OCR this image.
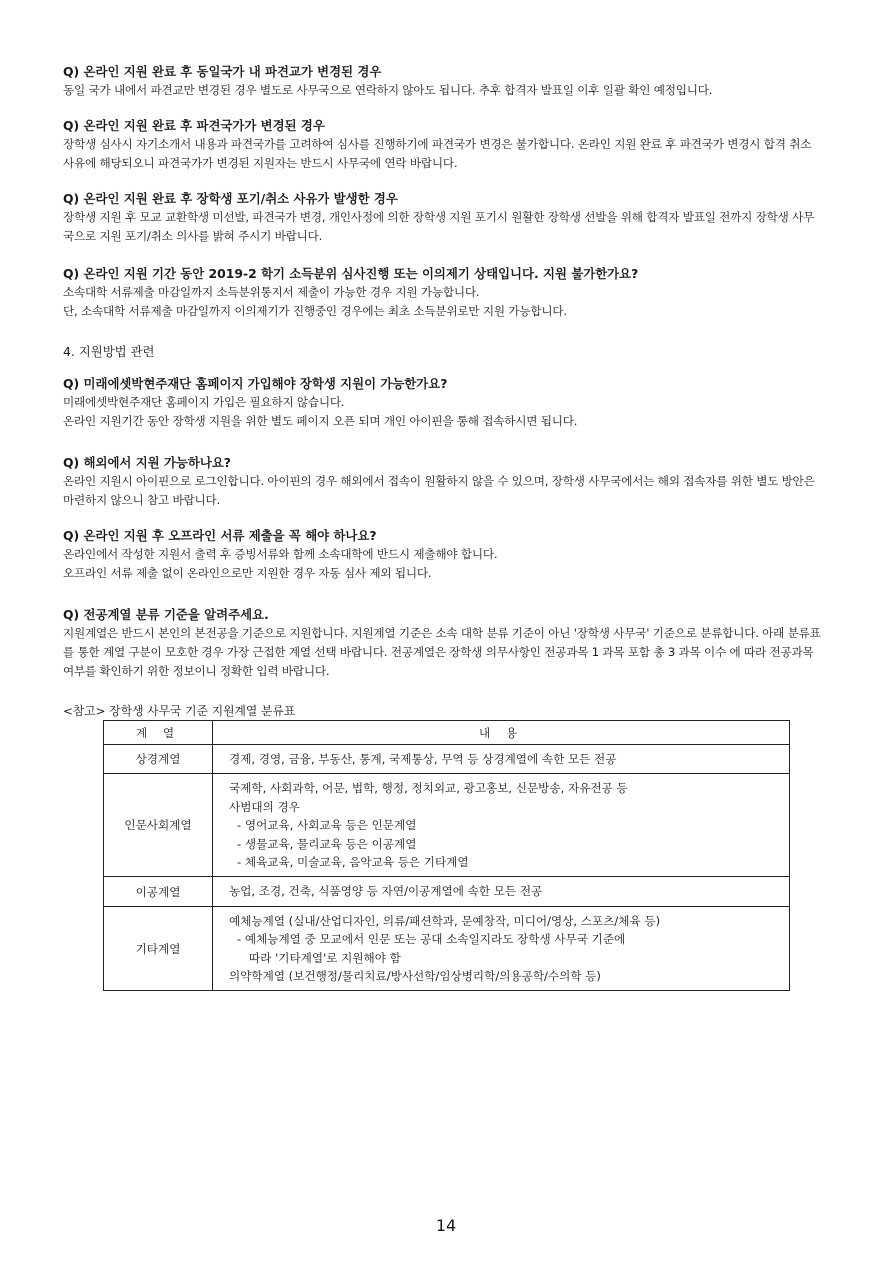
Q) 온라인 지원 완료 후 동일국가 내 파견교가 변경된 경우

동일 국가 내에서 파견교만 변경된 경우 별도로 사무국으로 연락하지 않아도 됩니다. 추후 합격자 발표일 이후 일괄 확인 예정입니다.

Q) 온라인 지원 완료 후 파견국가가 변경된 경우

장학생 심사시 자기소개서 내용과 파견국가를 고려하여 심사를 진행하기에 파견국가 변경은 불가합니다. 온라인 지원 완료 후 파견국가 변경시 합격 취소 사유에 해당되오니 파견국가가 변경된 지원자는 반드시 사무국에 연락 바랍니다.

Q) 온라인 지원 완료 후 장학생 포기/취소 사유가 발생한 경우

장학생 지원 후 모교 교환학생 미선발, 파견국가 변경, 개인사정에 의한 장학생 지원 포기시 원활한 장학생 선발을 위해 합격자 발표일 전까지 장학생 사무국으로 지원 포기/취소 의사를 밝혀 주시기 바랍니다.

Q) 온라인 지원 기간 동안 2019-2 학기 소득분위 심사진행 또는 이의제기 상태입니다. 지원 불가한가요?

소속대학 서류제출 마감일까지 소득분위통지서 제출이 가능한 경우 지원 가능합니다.

단, 소속대학 서류제출 마감일까지 이의제기가 진행중인 경우에는 최초 소득분위로만 지원 가능합니다.

4. 지원방법 관련
Q) 미래에셋박현주재단 홈페이지 가입해야 장학생 지원이 가능한가요?

미래에셋박현주재단 홈페이지 가입은 필요하지 않습니다.

온라인 지원기간 동안 장학생 지원을 위한 별도 페이지 오픈 되며 개인 아이핀을 통해 접속하시면 됩니다.

Q) 해외에서 지원 가능하나요?

온라인 지원시 아이핀으로 로그인합니다. 아이핀의 경우 해외에서 접속이 원활하지 않을 수 있으며, 장학생 사무국에서는 해외 접속자를 위한 별도 방안은 마련하지 않으니 참고 바랍니다.

Q) 온라인 지원 후 오프라인 서류 제출을 꼭 해야 하나요?

온라인에서 작성한 지원서 출력 후 증빙서류와 함께 소속대학에 반드시 제출해야 합니다.

오프라인 서류 제출 없이 온라인으로만 지원한 경우 자동 심사 제외 됩니다.

Q) 전공계열 분류 기준을 알려주세요.

지원계열은 반드시 본인의 본전공을 기준으로 지원합니다. 지원계열 기준은 소속 대학 분류 기준이 아닌 '장학생 사무국' 기준으로 분류합니다. 아래 분류표를 통한 계열 구분이 모호한 경우 가장 근접한 계열 선택 바랍니다. 전공계열은 장학생 의무사항인 전공과목 1 과목 포함 총 3 과목 이수 에 따라 전공과목 여부를 확인하기 위한 정보이니 정확한 입력 바랍니다.

<참고> 장학생 사무국 기준 지원계열 분류표
계 열	내 용
상경계열	경제, 경영, 금융, 부동산, 통계, 국제통상, 무역 등 상경계열에 속한 모든 전공

인문사회계열	국제학, 사회과학, 어문, 법학, 행정, 정치외교, 광고홍보, 신문방송, 자유전공 등
사범대의 경우
- 영어교육, 사회교육 등은 인문계열
- 생물교육, 물리교육 등은 이공계열
- 체육교육, 미술교육, 음악교육 등은 기타계열

이공계열	농업, 조경, 건축, 식품영양 등 자연/이공계열에 속한 모든 전공

기타계열	예체능계열 (실내/산업디자인, 의류/패션학과, 문예창작, 미디어/영상, 스포츠/체육 등)
- 예체능계열 중 모교에서 인문 또는 공대 소속일지라도 장학생 사무국 기준에
따라 '기타계열'로 지원해야 함
의약학계열 (보건행정/물리치료/방사선학/임상병리학/의용공학/수의학 등)
14
